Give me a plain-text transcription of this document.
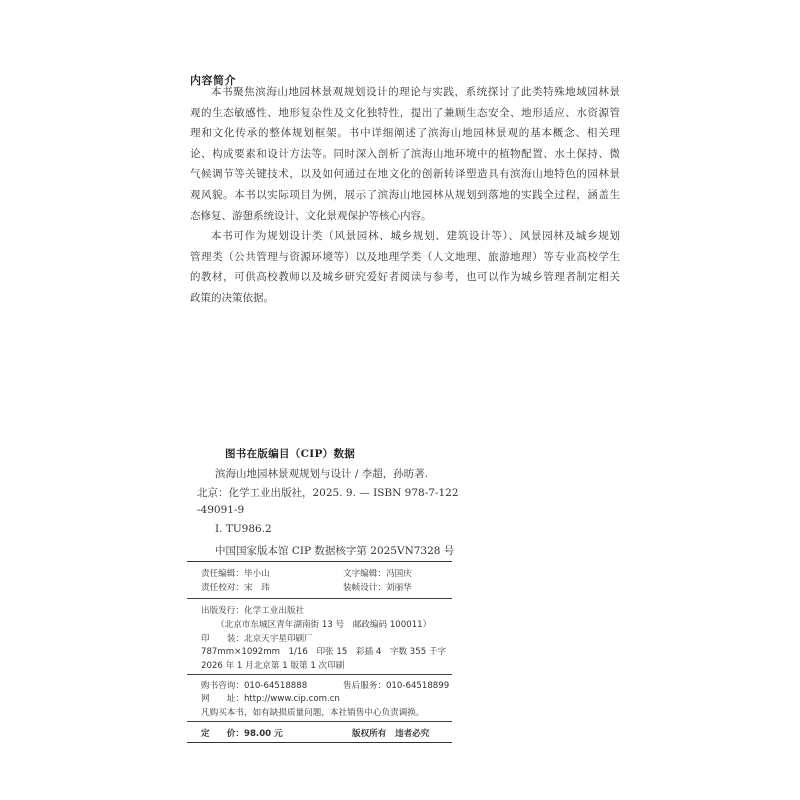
内容简介
本书聚焦滨海山地园林景观规划设计的理论与实践，系统探讨了此类特殊地域园林景
观的生态敏感性、地形复杂性及文化独特性，提出了兼顾生态安全、地形适应、水资源管
理和文化传承的整体规划框架。书中详细阐述了滨海山地园林景观的基本概念、相关理
论、构成要素和设计方法等。同时深入剖析了滨海山地环境中的植物配置、水土保持、微
气候调节等关键技术，以及如何通过在地文化的创新转译塑造具有滨海山地特色的园林景
观风貌。本书以实际项目为例，展示了滨海山地园林从规划到落地的实践全过程，涵盖生
态修复、游憩系统设计、文化景观保护等核心内容。
本书可作为规划设计类（风景园林、城乡规划、建筑设计等）、风景园林及城乡规划
管理类（公共管理与资源环境等）以及地理学类（人文地理、旅游地理）等专业高校学生
的教材，可供高校教师以及城乡研究爱好者阅读与参考，也可以作为城乡管理者制定相关
政策的决策依据。
图书在版编目（CIP）数据
滨海山地园林景观规划与设计 / 李超，孙昉著.
北京：化学工业出版社，2025. 9. — ISBN 978-7-122
-49091-9
Ⅰ. TU986.2
中国国家版本馆 CIP 数据核字第 2025VN7328 号
责任编辑：毕小山	文字编辑：冯国庆
责任校对：宋　玮	装帧设计：刘丽华
出版发行：化学工业出版社
（北京市东城区青年湖南街 13 号　邮政编码 100011）
印　　装：北京天宇星印刷厂
787mm×1092mm　1/16　印张 15　彩插 4　字数 355 千字
2026 年 1 月北京第 1 版第 1 次印刷
购书咨询：010-64518888	售后服务：010-64518899
网　　址：http://www.cip.com.cn
凡购买本书，如有缺损质量问题，本社销售中心负责调换。
定　　价：98.00 元	版权所有　违者必究
